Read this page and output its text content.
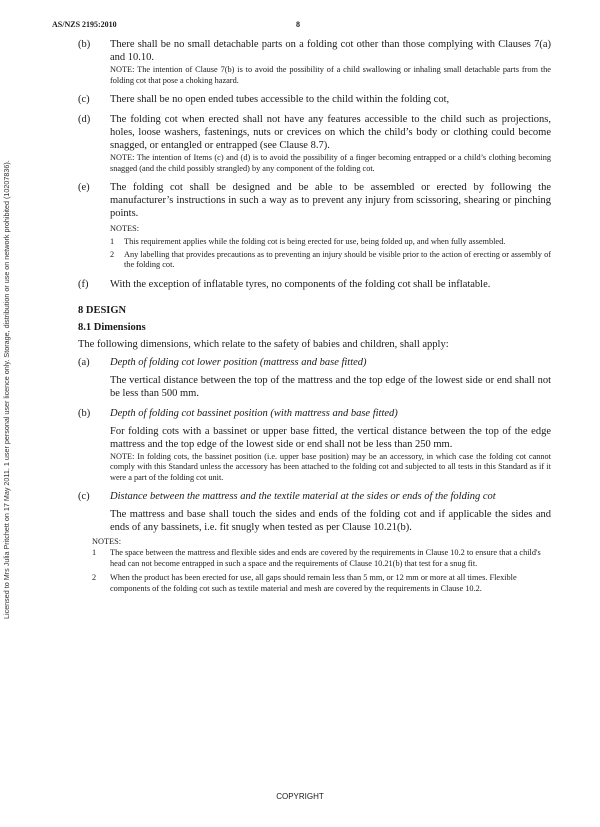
AS/NZS 2195:2010	8
Licensed to Mrs Julia Pritchett on 17 May 2011. 1 user personal user licence only. Storage, distribution or use on network prohibited (10207836).
(b) There shall be no small detachable parts on a folding cot other than those complying with Clauses 7(a) and 10.10.
NOTE: The intention of Clause 7(b) is to avoid the possibility of a child swallowing or inhaling small detachable parts from the folding cot that pose a choking hazard.
(c) There shall be no open ended tubes accessible to the child within the folding cot,
(d) The folding cot when erected shall not have any features accessible to the child such as projections, holes, loose washers, fastenings, nuts or crevices on which the child’s body or clothing could become snagged, or entangled or entrapped (see Clause 8.7).
NOTE: The intention of Items (c) and (d) is to avoid the possibility of a finger becoming entrapped or a child’s clothing becoming snagged (and the child possibly strangled) by any component of the folding cot.
(e) The folding cot shall be designed and be able to be assembled or erected by following the manufacturer’s instructions in such a way as to prevent any injury from scissoring, shearing or pinching points.
NOTES:
1 This requirement applies while the folding cot is being erected for use, being folded up, and when fully assembled.
2 Any labelling that provides precautions as to preventing an injury should be visible prior to the action of erecting or assembly of the folding cot.
(f) With the exception of inflatable tyres, no components of the folding cot shall be inflatable.
8 DESIGN
8.1 Dimensions
The following dimensions, which relate to the safety of babies and children, shall apply:
(a) Depth of folding cot lower position (mattress and base fitted)
The vertical distance between the top of the mattress and the top edge of the lowest side or end shall not be less than 500 mm.
(b) Depth of folding cot bassinet position (with mattress and base fitted)
For folding cots with a bassinet or upper base fitted, the vertical distance between the top of the edge mattress and the top edge of the lowest side or end shall not be less than 250 mm.
NOTE: In folding cots, the bassinet position (i.e. upper base position) may be an accessory, in which case the folding cot cannot comply with this Standard unless the accessory has been attached to the folding cot and subjected to all tests in this Standard as if it were a part of the folding cot unit.
(c) Distance between the mattress and the textile material at the sides or ends of the folding cot
The mattress and base shall touch the sides and ends of the folding cot and if applicable the sides and ends of any bassinets, i.e. fit snugly when tested as per Clause 10.21(b).
NOTES:
1 The space between the mattress and flexible sides and ends are covered by the requirements in Clause 10.2 to ensure that a child's head can not become entrapped in such a space and the requirements of Clause 10.21(b) that test for a snug fit.
2 When the product has been erected for use, all gaps should remain less than 5 mm, or 12 mm or more at all times. Flexible components of the folding cot such as textile material and mesh are covered by the requirements in Clause 10.2.
COPYRIGHT
